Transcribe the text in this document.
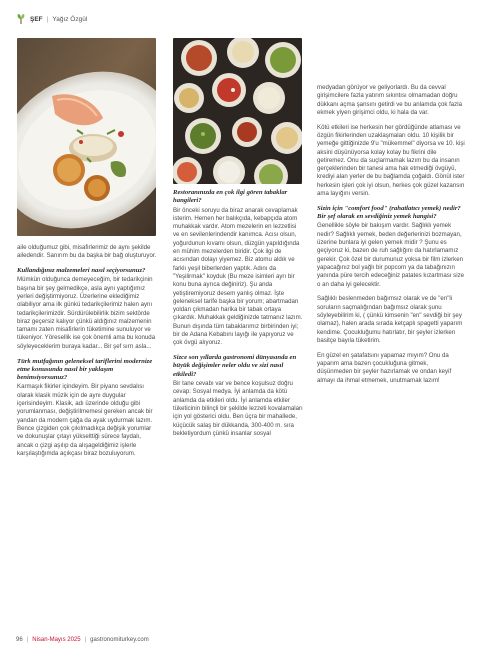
ŞEF | Yağız Özgül

aile olduğumuz gibi, misafirlerimiz de aynı şekilde ailedendir. Sanırım bu da başka bir bağ oluşturuyor.

Kullandığınız malzemeleri nasıl seçiyorsunuz?

Mümkün olduğunca demeyeceğim, bir tedarikçinin başına bir şey gelmedikçe, asla aynı yaptığımız yerleri değiştirmiyoruz. Üzerlerine eklediğimiz olabiliyor ama ilk günkü tedarikçilerimiz halen aynı tedarikçilerimizdir. Sürdürülebilirlik bizim sektörde biraz geçersiz kalıyor çünkü aldığınız malzemenin tamamı zaten misafirlerin tüketimine sunuluyor ve tükeniyor. Yöresellik ise çok önemli ama bu konuda söyleyeceklerim buraya kadar... Bir şef sırrı asla...

Türk mutfağının geleneksel tariflerini modernize etme konusunda nasıl bir yaklaşım benimsiyorsunuz?

Karmaşık fikirler içindeyim. Bir piyano sevdalısı olarak klasik müzik için de aynı duygular içerisindeyim. Klasik, adı üzerinde olduğu gibi yorumlanması, değiştirilmemesi gereken ancak bir yandan da modern çağa da ayak uydurmak lazım. Bence çizgiden çok çıkılmadıkça değişik yorumlar ve dokunuşlar çıtayı yükselttiği sürece faydalı, ancak o çizgi aşılıp da alışageldiğimiz işlerle karşılaştığımda açıkçası biraz bozuluyorum.

Restoranınızda en çok ilgi gören tabaklar hangileri?

Bir önceki soruyu da biraz anarak cevaplamak isterim. Hemen her balıkçıda, kebapçıda atom muhakkak vardır. Atom mezelerin en lezzetlisi ve en sevilenlerindendir kanımca. Acısı olsun, yoğurdunun kıvamı olsun, düzgün yapıldığında en mühim mezelerden biridir. Çok ilgi de acısından dolayı yiyemez. Biz atomu aldık ve farklı yeşil biberlerden yaptık. Adını da "Yeşilirmak" koyduk (Bu meze isimleri ayrı bir konu buna ayrıca değiniriz). Şu anda yetiştiremiyoruz desem yanlış olmaz. İşte geleneksel tarife başka bir yorum; abartmadan yoldan çıkmadan harika bir tabak ortaya çıkardık. Muhakkak geldiğinizde tatmanız lazım. Bunun dışında tüm tabaklarımız birbirinden iyi; bir de Adana Kebabını layığı ile yapıyoruz ve çok övgü alıyoruz.

Sizce son yıllarda gastronomi dünyasında en büyük değişimler neler oldu ve sizi nasıl etkiledi?

Bir tane cevabı var ve bence koşulsuz doğru cevap: Sosyal medya. İyi anlamda da kötü anlamda da etkileri oldu. İyi anlamda etkiler tüketicinin bilinçli bir şekilde lezzeti kovalamaları için yol gösterici oldu. Ben üçra bir mahallede, küçücük salaş bir dükkanda, 300-400 m. sıra bekletiyordum çünkü insanlar sosyal

medyadan görüyor ve geliyorlardı. Bu da cevval girişimcilere fazla yatırım sıkıntısı olmamadan doğru dükkanı açma şansını getirdi ve bu anlamda çok fazla ekmek yiyen girişimci oldu, ki hala da var.

Kötü etkileri ise herkesin her gördüğünde atlaması ve özgün fikirlerinden uzaklaşmaları oldu. 10 kişilik bir yemeğe gittiğinizde 9'u "mükemmel" diyorsa ve 10. kişi aksini düşünüyorsa kolay kolay bu fikrini dile getiremez. Onu da suçlarmamak lazım bu da insanın gerçeklerinden bir tanesi ama hak etmediği övgüyü, krediyi alan yerler de bu bağlamda çoğaldı. Gönül ister herkesin işleri çok iyi olsun, herkes çok güzel kazansın ama layığını versin.

Sizin için "comfort food" (rahatlatıcı yemek) nedir? Bir şef olarak en sevdiğiniz yemek hangisi?

Genellikle söyle bir bakışım vardır. Sağlıklı yemek nedir? Sağlıklı yemek, beden değerlerinizi bozmayan, üzerine bunlara iyi gelen yemek midir ? Şunu es geçiyoruz ki, bazen de ruh sağlığını da hatırlamamız gerekir. Çok özel bir durumunuz yoksa bir film izlerken yapacağınız bol yağlı bir popcorn ya da tabağınızın yanında püre tercih edeceğiniz patates kızartması size o an daha iyi gelecektir.

Sağlıklı beslenmeden bağımsız olarak ve de "en"li soruların saçmalığından bağımsız olarak şunu söyleyebilirim ki, ( çünkü kimsenin "en" sevdiği bir şey olamaz), halen arada sırada ketçaplı spagetti yaparım kendime. Çocukluğumu hatırlatır, bir şeyler izlerken basitçe bayıla tüketirim.

En güzel en şatafatsını yapamaz mıyım? Onu da yaparım ama bazen çocukluğuna gitmek, düşünmeden bir şeyler hazırlamak ve ondan keyif almayı da ihmal etmemek, unutmamak lazım!

96 | Nisan-Mayıs 2025 | gastronomiturkey.com
